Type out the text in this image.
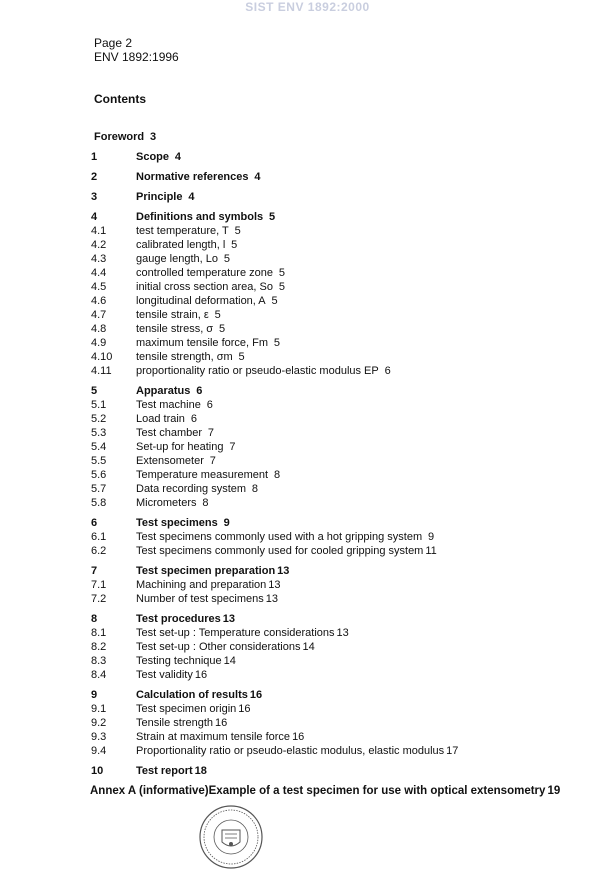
SIST ENV 1892:2000
Page 2
ENV 1892:1996
Contents
Foreword 3
1	Scope 4
2	Normative references 4
3	Principle 4
4	Definitions and symbols 5
4.1	test temperature, T 5
4.2	calibrated length, l 5
4.3	gauge length, Lo 5
4.4	controlled temperature zone 5
4.5	initial cross section area, So 5
4.6	longitudinal deformation, A 5
4.7	tensile strain, ε 5
4.8	tensile stress, σ 5
4.9	maximum tensile force, Fm 5
4.10 tensile strength, σm 5
4.11 proportionality ratio or pseudo-elastic modulus EP 6
5	Apparatus 6
5.1	Test machine 6
5.2	Load train 6
5.3	Test chamber 7
5.4	Set-up for heating 7
5.5	Extensometer 7
5.6	Temperature measurement 8
5.7	Data recording system 8
5.8	Micrometers 8
6	Test specimens 9
6.1	Test specimens commonly used with a hot gripping system 9
6.2	Test specimens commonly used for cooled gripping system 11
7	Test specimen preparation 13
7.1	Machining and preparation 13
7.2	Number of test specimens 13
8	Test procedures 13
8.1	Test set-up : Temperature considerations 13
8.2	Test set-up : Other considerations 14
8.3	Testing technique 14
8.4	Test validity 16
9	Calculation of results 16
9.1	Test specimen origin 16
9.2	Tensile strength 16
9.3	Strain at maximum tensile force 16
9.4	Proportionality ratio or pseudo-elastic modulus, elastic modulus 17
10	Test report 18
Annex A (informative)Example of a test specimen for use with optical extensometry 19
